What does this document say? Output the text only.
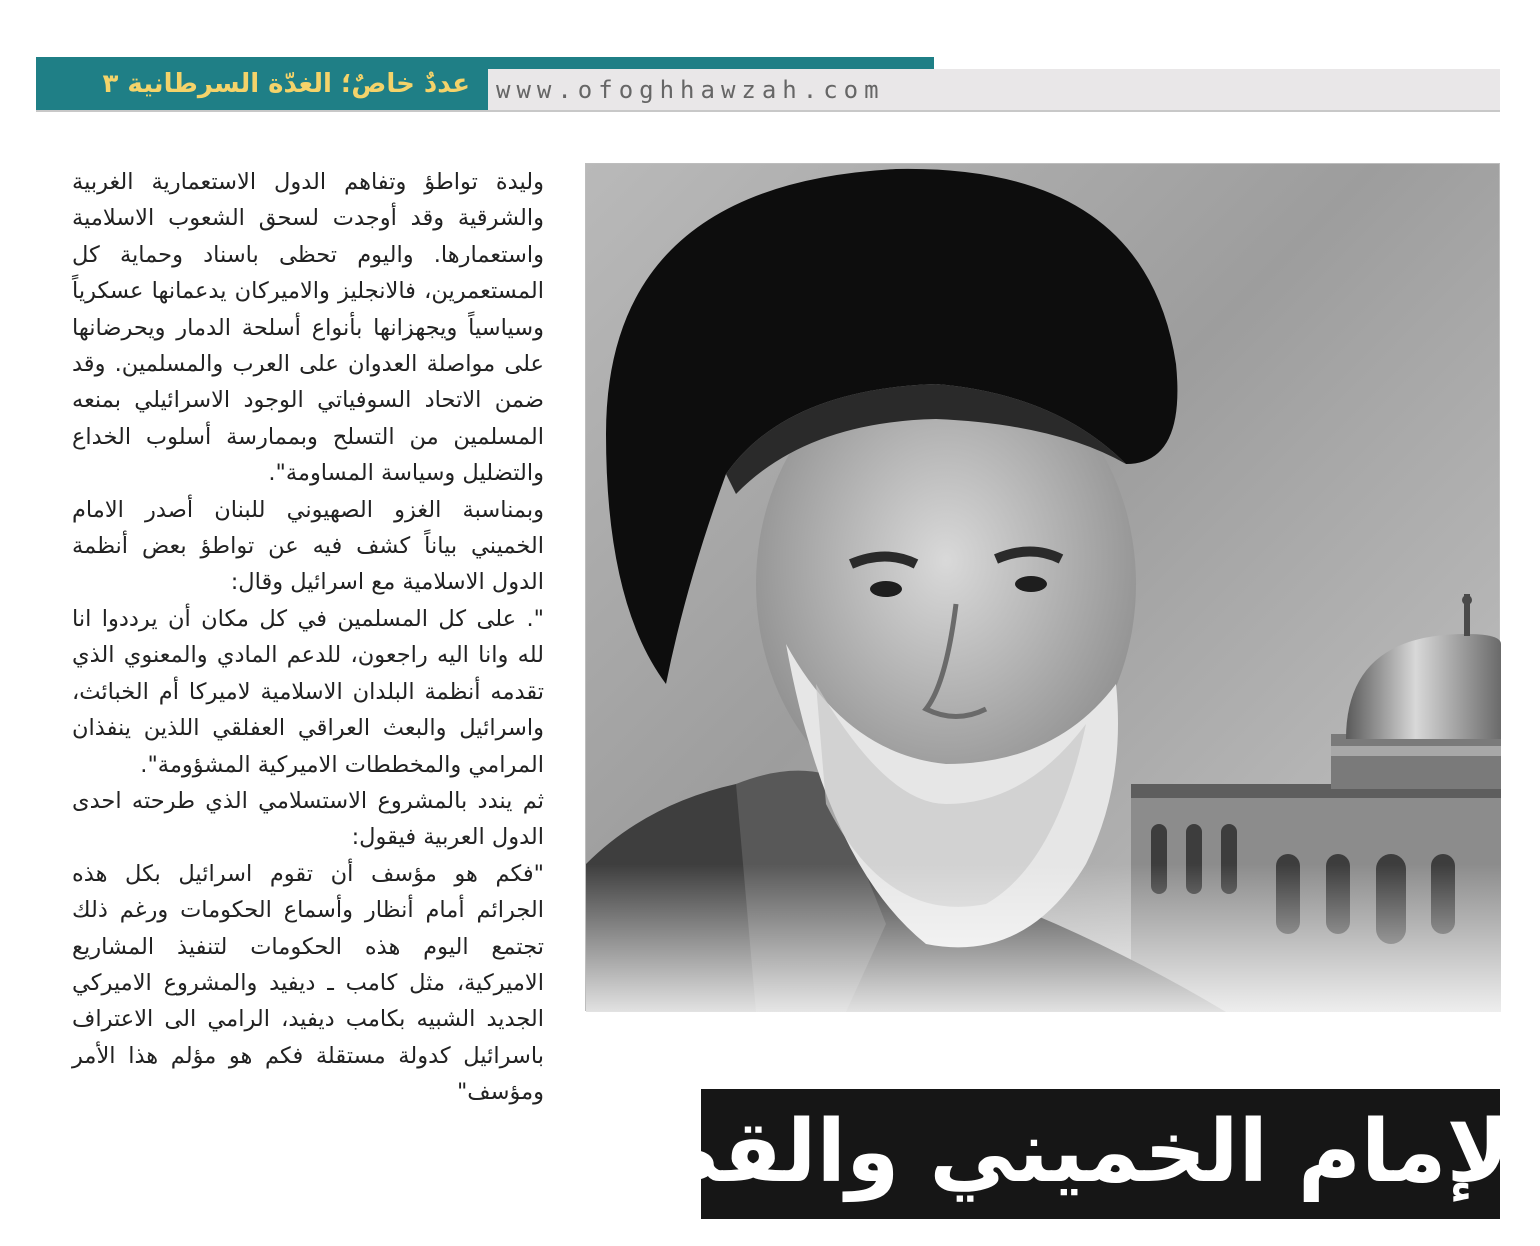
عددٌ خاصٌ؛ الغدّة السرطانية ٣	www.ofoghhawzah.com

وليدة تواطؤ وتفاهم الدول الاستعمارية الغربية والشرقية وقد أوجدت لسحق الشعوب الاسلامية واستعمارها. واليوم تحظى باسناد وحماية كل المستعمرين، فالانجليز والاميركان يدعمانها عسكرياً وسياسياً ويجهزانها بأنواع أسلحة الدمار ويحرضانها على مواصلة العدوان على العرب والمسلمين. وقد ضمن الاتحاد السوفياتي الوجود الاسرائيلي بمنعه المسلمين من التسلح وبممارسة أسلوب الخداع والتضليل وسياسة المساومة".

وبمناسبة الغزو الصهيوني للبنان أصدر الامام الخميني بياناً كشف فيه عن تواطؤ بعض أنظمة الدول الاسلامية مع اسرائيل وقال:

". على كل المسلمين في كل مكان أن يرددوا انا لله وانا اليه راجعون، للدعم المادي والمعنوي الذي تقدمه أنظمة البلدان الاسلامية لاميركا أم الخبائث، واسرائيل والبعث العراقي العفلقي اللذين ينفذان المرامي والمخططات الاميركية المشؤومة".

ثم يندد بالمشروع الاستسلامي الذي طرحته احدى الدول العربية فيقول:

"فكم هو مؤسف أن تقوم اسرائيل بكل هذه الجرائم أمام أنظار وأسماع الحكومات ورغم ذلك تجتمع اليوم هذه الحكومات لتنفيذ المشاريع الاميركية، مثل كامب ـ ديفيد والمشروع الاميركي الجديد الشبيه بكامب ديفيد، الرامي الى الاعتراف باسرائيل كدولة مستقلة فكم هو مؤلم هذا الأمر ومؤسف"

الإمام الخميني والقضية المقدسة
